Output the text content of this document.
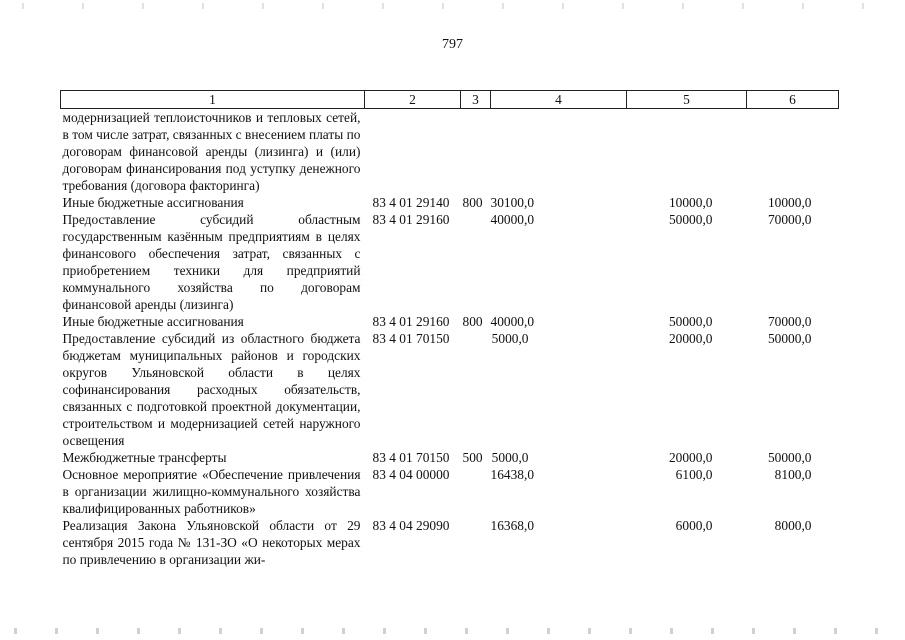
797
1	2	3	4	5	6
модернизацией теплоисточников и тепловых сетей, в том числе затрат, связанных с внесением платы по договорам финансовой аренды (лизинга) и (или) договорам финансирования под уступку денежного требования (договора факторинга)					
Иные бюджетные ассигнования	83 4 01 29140	800	30100,0	10000,0	10000,0
Предоставление субсидий областным государственным казённым предприятиям в целях финансового обеспечения затрат, связанных с приобретением техники для предприятий коммунального хозяйства по договорам финансовой аренды (лизинга)	83 4 01 29160		40000,0	50000,0	70000,0
Иные бюджетные ассигнования	83 4 01 29160	800	40000,0	50000,0	70000,0
Предоставление субсидий из областного бюджета бюджетам муниципальных районов и городских округов Ульяновской области в целях софинансирования расходных обязательств, связанных с подготовкой проектной документации, строительством и модернизацией сетей наружного освещения	83 4 01 70150		5000,0	20000,0	50000,0
Межбюджетные трансферты	83 4 01 70150	500	5000,0	20000,0	50000,0
Основное мероприятие «Обеспечение привлечения в организации жилищно-коммунального хозяйства квалифицированных работников»	83 4 04 00000		16438,0	6100,0	8100,0
Реализация Закона Ульяновской области от 29 сентября 2015 года № 131-ЗО «О некоторых мерах по привлечению в организации жи-	83 4 04 29090		16368,0	6000,0	8000,0
